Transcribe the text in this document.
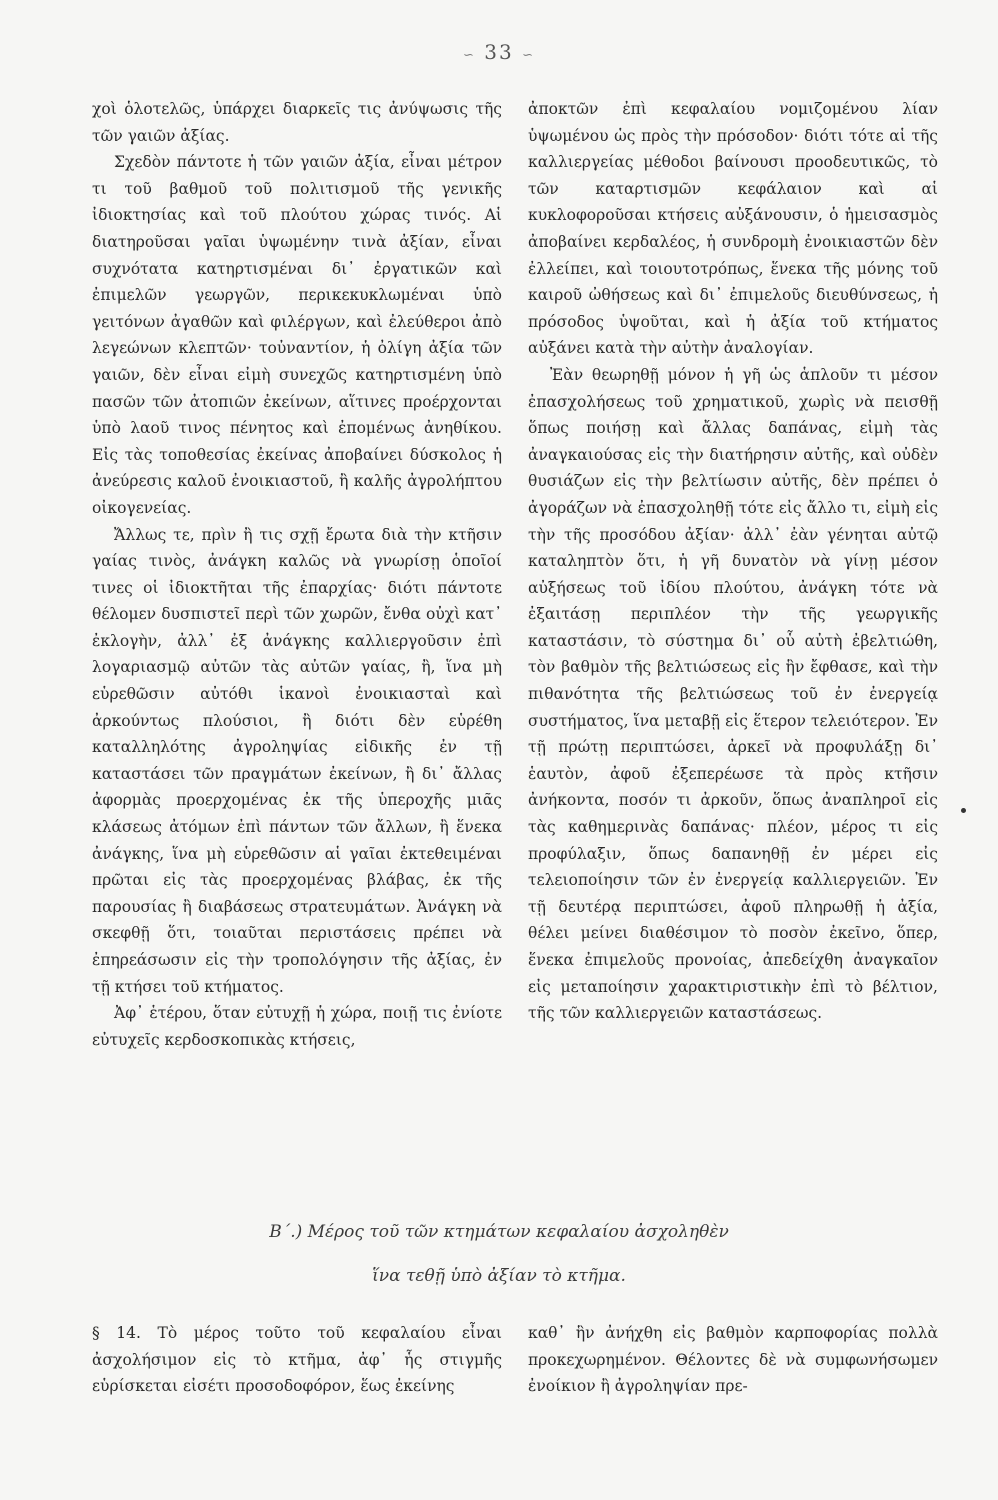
∽ 33 ∽

χοὶ ὁλοτελῶς, ὑπάρχει διαρκεῖς τις ἀνύψωσις τῆς τῶν γαιῶν ἀξίας.

Σχεδὸν πάντοτε ἡ τῶν γαιῶν ἀξία, εἶναι μέτρον τι τοῦ βαθμοῦ τοῦ πολιτισμοῦ τῆς γενικῆς ἰδιοκτησίας καὶ τοῦ πλούτου χώρας τινός. Αἱ διατηροῦσαι γαῖαι ὑψωμένην τινὰ ἀξίαν, εἶναι συχνότατα κατηρτισμέναι δι᾽ ἐργατικῶν καὶ ἐπιμελῶν γεωργῶν, περικεκυκλωμέναι ὑπὸ γειτόνων ἀγαθῶν καὶ φιλέργων, καὶ ἐλεύθεροι ἀπὸ λεγεώνων κλεπτῶν· τοὐναντίον, ἡ ὀλίγη ἀξία τῶν γαιῶν, δὲν εἶναι εἰμὴ συνεχῶς κατηρτισμένη ὑπὸ πασῶν τῶν ἀτοπιῶν ἐκείνων, αἵτινες προέρχονται ὑπὸ λαοῦ τινος πένητος καὶ ἐπομένως ἀνηθίκου. Εἰς τὰς τοποθεσίας ἐκείνας ἀποβαίνει δύσκολος ἡ ἀνεύρεσις καλοῦ ἐνοικιαστοῦ, ἢ καλῆς ἀγρολήπτου οἰκογενείας.

Ἄλλως τε, πρὶν ἢ τις σχῇ ἔρωτα διὰ τὴν κτῆσιν γαίας τινὸς, ἀνάγκη καλῶς νὰ γνωρίσῃ ὁποῖοί τινες οἱ ἰδιοκτῆται τῆς ἐπαρχίας· διότι πάντοτε θέλομεν δυσπιστεῖ περὶ τῶν χωρῶν, ἔνθα οὐχὶ κατ᾽ ἐκλογὴν, ἀλλ᾽ ἐξ ἀνάγκης καλλιεργοῦσιν ἐπὶ λογαριασμῷ αὐτῶν τὰς αὐτῶν γαίας, ἢ, ἵνα μὴ εὑρεθῶσιν αὐτόθι ἱκανοὶ ἐνοικιασταὶ καὶ ἀρκούντως πλούσιοι, ἢ διότι δὲν εὑρέθη καταλληλότης ἀγροληψίας εἰδικῆς ἐν τῇ καταστάσει τῶν πραγμάτων ἐκείνων, ἢ δι᾽ ἄλλας ἀφορμὰς προερχομένας ἐκ τῆς ὑπεροχῆς μιᾶς κλάσεως ἀτόμων ἐπὶ πάντων τῶν ἄλλων, ἢ ἕνεκα ἀνάγκης, ἵνα μὴ εὑρεθῶσιν αἱ γαῖαι ἐκτεθειμέναι πρῶται εἰς τὰς προερχομένας βλάβας, ἐκ τῆς παρουσίας ἢ διαβάσεως στρατευμάτων. Ἀνάγκη νὰ σκεφθῇ ὅτι, τοιαῦται περιστάσεις πρέπει νὰ ἐπηρεάσωσιν εἰς τὴν τροπολόγησιν τῆς ἀξίας, ἐν τῇ κτήσει τοῦ κτήματος.

Ἀφ᾽ ἑτέρου, ὅταν εὐτυχῇ ἡ χώρα, ποιῇ τις ἐνίοτε εὐτυχεῖς κερδοσκοπικὰς κτήσεις,

ἀποκτῶν ἐπὶ κεφαλαίου νομιζομένου λίαν ὑψωμένου ὡς πρὸς τὴν πρόσοδον· διότι τότε αἱ τῆς καλλιεργείας μέθοδοι βαίνουσι προοδευτικῶς, τὸ τῶν καταρτισμῶν κεφάλαιον καὶ αἱ κυκλοφοροῦσαι κτήσεις αὐξάνουσιν, ὁ ἡμεισασμὸς ἀποβαίνει κερδαλέος, ἡ συνδρομὴ ἐνοικιαστῶν δὲν ἐλλείπει, καὶ τοιουτοτρόπως, ἕνεκα τῆς μόνης τοῦ καιροῦ ὠθήσεως καὶ δι᾽ ἐπιμελοῦς διευθύνσεως, ἡ πρόσοδος ὑψοῦται, καὶ ἡ ἀξία τοῦ κτήματος αὐξάνει κατὰ τὴν αὐτὴν ἀναλογίαν.

Ἐὰν θεωρηθῇ μόνον ἡ γῆ ὡς ἁπλοῦν τι μέσον ἐπασχολήσεως τοῦ χρηματικοῦ, χωρὶς νὰ πεισθῇ ὅπως ποιήσῃ καὶ ἄλλας δαπάνας, εἰμὴ τὰς ἀναγκαιούσας εἰς τὴν διατήρησιν αὐτῆς, καὶ οὐδὲν θυσιάζων εἰς τὴν βελτίωσιν αὐτῆς, δὲν πρέπει ὁ ἀγοράζων νὰ ἐπασχοληθῇ τότε εἰς ἄλλο τι, εἰμὴ εἰς τὴν τῆς προσόδου ἀξίαν· ἀλλ᾽ ἐὰν γένηται αὐτῷ καταληπτὸν ὅτι, ἡ γῆ δυνατὸν νὰ γίνῃ μέσον αὐξήσεως τοῦ ἰδίου πλούτου, ἀνάγκη τότε νὰ ἐξαιτάσῃ περιπλέον τὴν τῆς γεωργικῆς καταστάσιν, τὸ σύστημα δι᾽ οὗ αὐτὴ ἐβελτιώθη, τὸν βαθμὸν τῆς βελτιώσεως εἰς ἣν ἔφθασε, καὶ τὴν πιθανότητα τῆς βελτιώσεως τοῦ ἐν ἐνεργείᾳ συστήματος, ἵνα μεταβῇ εἰς ἕτερον τελειότερον. Ἐν τῇ πρώτῃ περιπτώσει, ἀρκεῖ νὰ προφυλάξῃ δι᾽ ἑαυτὸν, ἀφοῦ ἐξεπερέωσε τὰ πρὸς κτῆσιν ἀνήκοντα, ποσόν τι ἀρκοῦν, ὅπως ἀναπληροῖ εἰς τὰς καθημερινὰς δαπάνας· πλέον, μέρος τι εἰς προφύλαξιν, ὅπως δαπανηθῇ ἐν μέρει εἰς τελειοποίησιν τῶν ἐν ἐνεργείᾳ καλλιεργειῶν. Ἐν τῇ δευτέρᾳ περιπτώσει, ἀφοῦ πληρωθῇ ἡ ἀξία, θέλει μείνει διαθέσιμον τὸ ποσὸν ἐκεῖνο, ὅπερ, ἕνεκα ἐπιμελοῦς προνοίας, ἀπεδείχθη ἀναγκαῖον εἰς μεταποίησιν χαρακτιριστικὴν ἐπὶ τὸ βέλτιον, τῆς τῶν καλλιεργειῶν καταστάσεως.

Β΄.) Μέρος τοῦ τῶν κτημάτων κεφαλαίου ἀσχοληθὲν
ἵνα τεθῇ ὑπὸ ἀξίαν τὸ κτῆμα.

§ 14. Τὸ μέρος τοῦτο τοῦ κεφαλαίου εἶναι ἀσχολήσιμον εἰς τὸ κτῆμα, ἀφ᾽ ἧς στιγμῆς εὑρίσκεται εἰσέτι προσοδοφόρον, ἕως ἐκείνης

καθ᾽ ἣν ἀνήχθη εἰς βαθμὸν καρποφορίας πολλὰ προκεχωρημένον. Θέλοντες δὲ νὰ συμφωνήσωμεν ἐνοίκιον ἢ ἀγροληψίαν πρε-
